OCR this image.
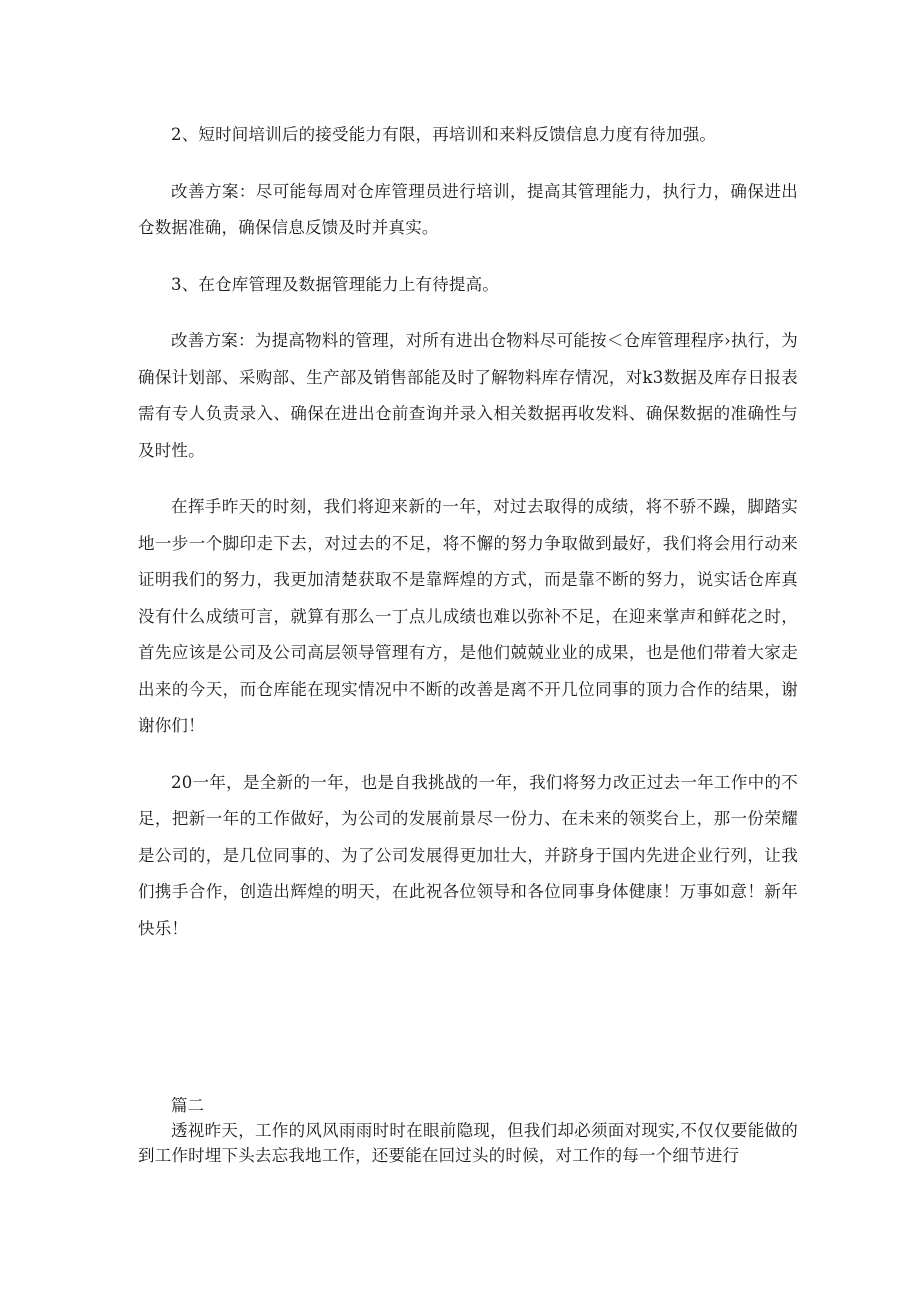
2、短时间培训后的接受能力有限，再培训和来料反馈信息力度有待加强。

改善方案：尽可能每周对仓库管理员进行培训，提高其管理能力，执行力，确保进出仓数据准确，确保信息反馈及时并真实。

3、在仓库管理及数据管理能力上有待提高。

改善方案：为提高物料的管理，对所有进出仓物料尽可能按＜仓库管理程序›执行，为确保计划部、采购部、生产部及销售部能及时了解物料库存情况，对k3数据及库存日报表需有专人负责录入、确保在进出仓前查询并录入相关数据再收发料、确保数据的准确性与及时性。

在挥手昨天的时刻，我们将迎来新的一年，对过去取得的成绩，将不骄不躁，脚踏实地一步一个脚印走下去，对过去的不足，将不懈的努力争取做到最好，我们将会用行动来证明我们的努力，我更加清楚获取不是靠辉煌的方式，而是靠不断的努力，说实话仓库真没有什么成绩可言，就算有那么一丁点儿成绩也难以弥补不足，在迎来掌声和鲜花之时，首先应该是公司及公司高层领导管理有方，是他们兢兢业业的成果，也是他们带着大家走出来的今天，而仓库能在现实情况中不断的改善是离不开几位同事的顶力合作的结果，谢谢你们！

20一年，是全新的一年，也是自我挑战的一年，我们将努力改正过去一年工作中的不足，把新一年的工作做好，为公司的发展前景尽一份力、在未来的领奖台上，那一份荣耀是公司的，是几位同事的、为了公司发展得更加壮大，并跻身于国内先进企业行列，让我们携手合作，创造出辉煌的明天，在此祝各位领导和各位同事身体健康！万事如意！新年快乐！

篇二

透视昨天，工作的风风雨雨时时在眼前隐现，但我们却必须面对现实,不仅仅要能做的到工作时埋下头去忘我地工作，还要能在回过头的时候，对工作的每一个细节进行
